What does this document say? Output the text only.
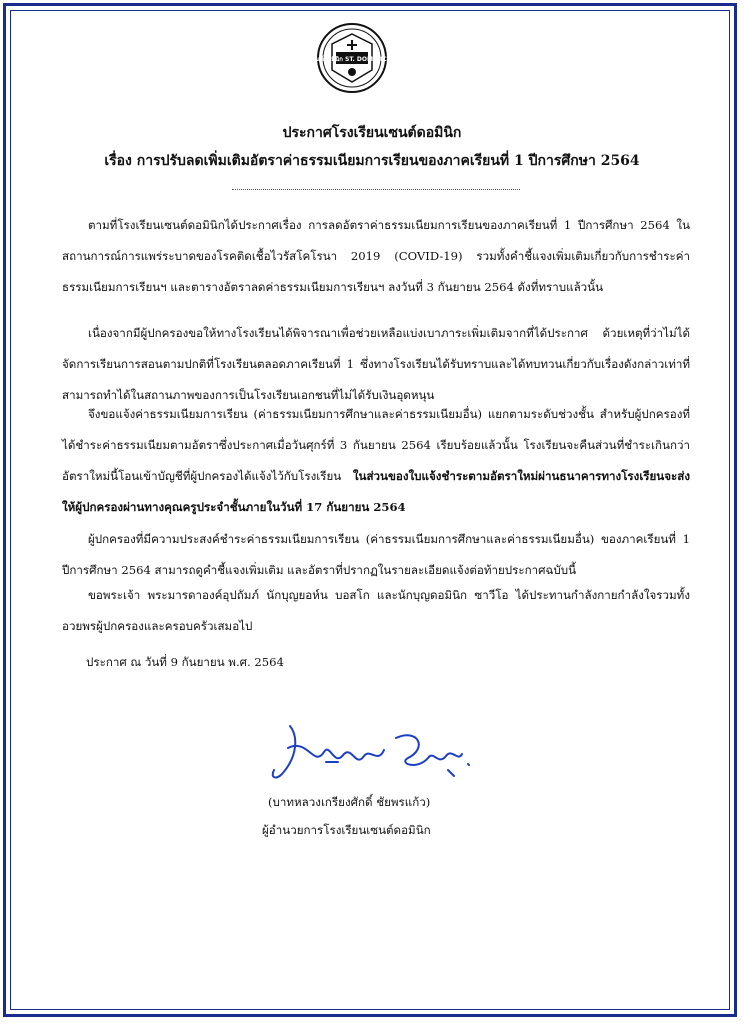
โรงเรียนเซนต์ดอมินิก ST. DOMINIC SCHOOL
ประกาศโรงเรียนเซนต์ดอมินิก
เรื่อง การปรับลดเพิ่มเติมอัตราค่าธรรมเนียมการเรียนของภาคเรียนที่ 1 ปีการศึกษา 2564

ตามที่โรงเรียนเซนต์ดอมินิกได้ประกาศเรื่อง การลดอัตราค่าธรรมเนียมการเรียนของภาคเรียนที่ 1 ปีการศึกษา 2564 ในสถานการณ์การแพร่ระบาดของโรคติดเชื้อไวรัสโคโรนา 2019 (COVID-19) รวมทั้งคำชี้แจงเพิ่มเติมเกี่ยวกับการชำระค่าธรรมเนียมการเรียนฯ และตารางอัตราลดค่าธรรมเนียมการเรียนฯ ลงวันที่ 3 กันยายน 2564 ดังที่ทราบแล้วนั้น

เนื่องจากมีผู้ปกครองขอให้ทางโรงเรียนได้พิจารณาเพื่อช่วยเหลือแบ่งเบาภาระเพิ่มเติมจากที่ได้ประกาศ ด้วยเหตุที่ว่าไม่ได้จัดการเรียนการสอนตามปกติที่โรงเรียนตลอดภาคเรียนที่ 1 ซึ่งทางโรงเรียนได้รับทราบและได้ทบทวนเกี่ยวกับเรื่องดังกล่าวเท่าที่สามารถทำได้ในสถานภาพของการเป็นโรงเรียนเอกชนที่ไม่ได้รับเงินอุดหนุน

จึงขอแจ้งค่าธรรมเนียมการเรียน (ค่าธรรมเนียมการศึกษาและค่าธรรมเนียมอื่น) แยกตามระดับช่วงชั้น สำหรับผู้ปกครองที่ได้ชำระค่าธรรมเนียมตามอัตราซึ่งประกาศเมื่อวันศุกร์ที่ 3 กันยายน 2564 เรียบร้อยแล้วนั้น โรงเรียนจะคืนส่วนที่ชำระเกินกว่าอัตราใหม่นี้โอนเข้าบัญชีที่ผู้ปกครองได้แจ้งไว้กับโรงเรียน ในส่วนของใบแจ้งชำระตามอัตราใหม่ผ่านธนาคารทางโรงเรียนจะส่งให้ผู้ปกครองผ่านทางคุณครูประจำชั้นภายในวันที่ 17 กันยายน 2564

ผู้ปกครองที่มีความประสงค์ชำระค่าธรรมเนียมการเรียน (ค่าธรรมเนียมการศึกษาและค่าธรรมเนียมอื่น) ของภาคเรียนที่ 1 ปีการศึกษา 2564 สามารถดูคำชี้แจงเพิ่มเติม และอัตราที่ปรากฏในรายละเอียดแจ้งต่อท้ายประกาศฉบับนี้

ขอพระเจ้า พระมารดาองค์อุปถัมภ์ นักบุญยอห์น บอสโก และนักบุญดอมินิก ซาวีโอ ได้ประทานกำลังกายกำลังใจรวมทั้งอวยพรผู้ปกครองและครอบครัวเสมอไป

ประกาศ ณ วันที่ 9 กันยายน พ.ศ. 2564
(บาทหลวงเกรียงศักดิ์ ชัยพรแก้ว)
ผู้อำนวยการโรงเรียนเซนต์ดอมินิก
